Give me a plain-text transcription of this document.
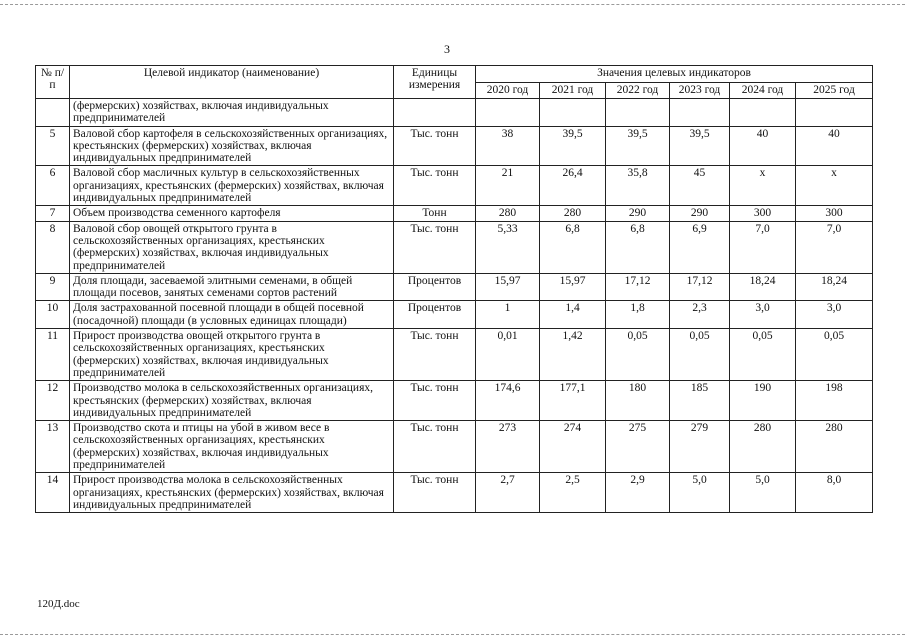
3
№ п/п	Целевой индикатор (наименование)	Единицы измерения	Значения целевых индикаторов					
			2020 год	2021 год	2022 год	2023 год	2024 год	2025 год
	(фермерских) хозяйствах, включая индивидуальных предпринимателей							
5	Валовой сбор картофеля в сельскохозяйственных организациях, крестьянских (фермерских) хозяйствах, включая индивидуальных предпринимателей	Тыс. тонн	38	39,5	39,5	39,5	40	40
6	Валовой сбор масличных культур в сельскохозяйственных организациях, крестьянских (фермерских) хозяйствах, включая индивидуальных предпринимателей	Тыс. тонн	21	26,4	35,8	45	х	х
7	Объем производства семенного картофеля	Тонн	280	280	290	290	300	300
8	Валовой сбор овощей открытого грунта в сельскохозяйственных организациях, крестьянских (фермерских) хозяйствах, включая индивидуальных предпринимателей	Тыс. тонн	5,33	6,8	6,8	6,9	7,0	7,0
9	Доля площади, засеваемой элитными семенами, в общей площади посевов, занятых семенами сортов растений	Процентов	15,97	15,97	17,12	17,12	18,24	18,24
10	Доля застрахованной посевной площади в общей посевной (посадочной) площади (в условных единицах площади)	Процентов	1	1,4	1,8	2,3	3,0	3,0
11	Прирост производства овощей открытого грунта в сельскохозяйственных организациях, крестьянских (фермерских) хозяйствах, включая индивидуальных предпринимателей	Тыс. тонн	0,01	1,42	0,05	0,05	0,05	0,05
12	Производство молока в сельскохозяйственных организациях, крестьянских (фермерских) хозяйствах, включая индивидуальных предпринимателей	Тыс. тонн	174,6	177,1	180	185	190	198
13	Производство скота и птицы на убой в живом весе в сельскохозяйственных организациях, крестьянских (фермерских) хозяйствах, включая индивидуальных предпринимателей	Тыс. тонн	273	274	275	279	280	280
14	Прирост производства молока в сельскохозяйственных организациях, крестьянских (фермерских) хозяйствах, включая индивидуальных предпринимателей	Тыс. тонн	2,7	2,5	2,9	5,0	5,0	8,0
120Д.doc
